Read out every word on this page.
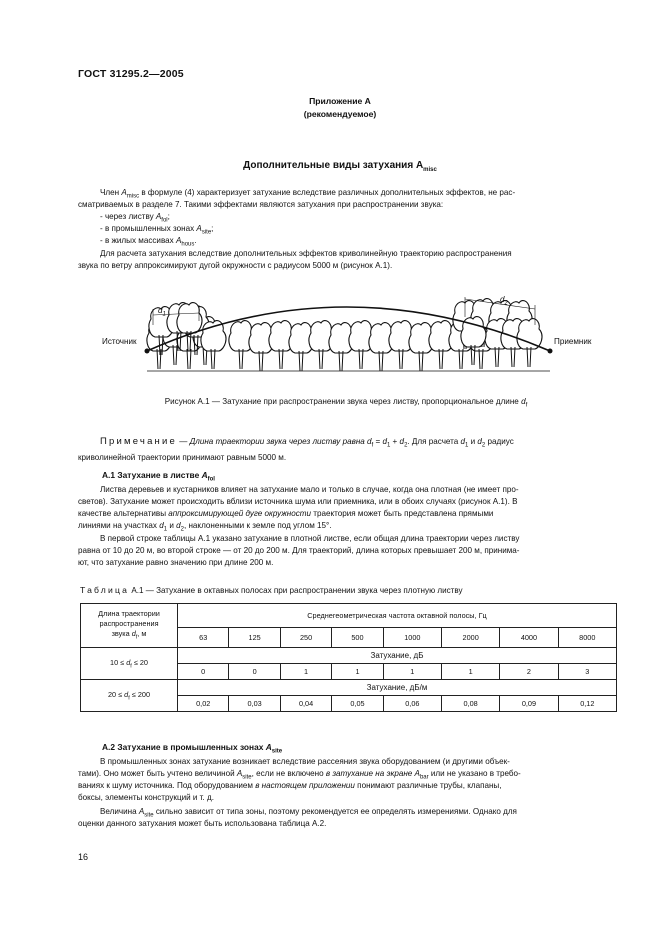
ГОСТ 31295.2—2005
Приложение А
(рекомендуемое)
Дополнительные виды затухания $A_{misc}$
Член $A_{misc}$ в формуле (4) характеризует затухание вследствие различных дополнительных эффектов, не рас-
сматриваемых в разделе 7. Такими эффектами являются затухания при распространении звука:
- через листву $A_{fol}$;
- в промышленных зонах $A_{site}$;
- в жилых массивах $A_{hous}$.
Для расчета затухания вследствие дополнительных эффектов криволинейную траекторию распространения
звука по ветру аппроксимируют дугой окружности с радиусом 5000 м (рисунок А.1).
$d_1$
$d_2$
Источник	Приемник
Рисунок А.1 — Затухание при распространении звука через листву, пропорциональное длине $d_f$
Примечание — Длина траектории звука через листву равна $d_f = d_1 + d_2$. Для расчета $d_1$ и $d_2$ радиус
криволинейной траектории принимают равным 5000 м.
А.1 Затухание в листве $A_{fol}$
Листва деревьев и кустарников влияет на затухание мало и только в случае, когда она плотная (не имеет про-
светов). Затухание может происходить вблизи источника шума или приемника, или в обоих случаях (рисунок А.1). В
качестве альтернативы аппроксимирующей дуге окружности траектория может быть представлена прямыми
линиями на участках $d_1$ и $d_2$, наклоненными к земле под углом 15°.
В первой строке таблицы А.1 указано затухание в плотной листве, если общая длина траектории через листву
равна от 10 до 20 м, во второй строке — от 20 до 200 м. Для траекторий, длина которых превышает 200 м, принима-
ют, что затухание равно значению при длине 200 м.
Таблица А.1 — Затухание в октавных полосах при распространении звука через плотную листву
Длина траектории
распространения
звука $d_f$, м	Среднегеометрическая частота октавной полосы, Гц							
	63	125	250	500	1000	2000	4000	8000
$10 \le d_f \le 20$	Затухание, дБ							
	0	0	1	1	1	1	2	3
$20 \le d_f \le 200$	Затухание, дБ/м							
	0,02	0,03	0,04	0,05	0,06	0,08	0,09	0,12
А.2 Затухание в промышленных зонах $A_{site}$
В промышленных зонах затухание возникает вследствие рассеяния звука оборудованием (и другими объек-
тами). Оно может быть учтено величиной $A_{site}$, если не включено в затухание на экране $A_{bar}$ или не указано в требо-
ваниях к шуму источника. Под оборудованием в настоящем приложении понимают различные трубы, клапаны,
боксы, элементы конструкций и т. д.
Величина $A_{site}$ сильно зависит от типа зоны, поэтому рекомендуется ее определять измерениями. Однако для
оценки данного затухания может быть использована таблица А.2.
16
